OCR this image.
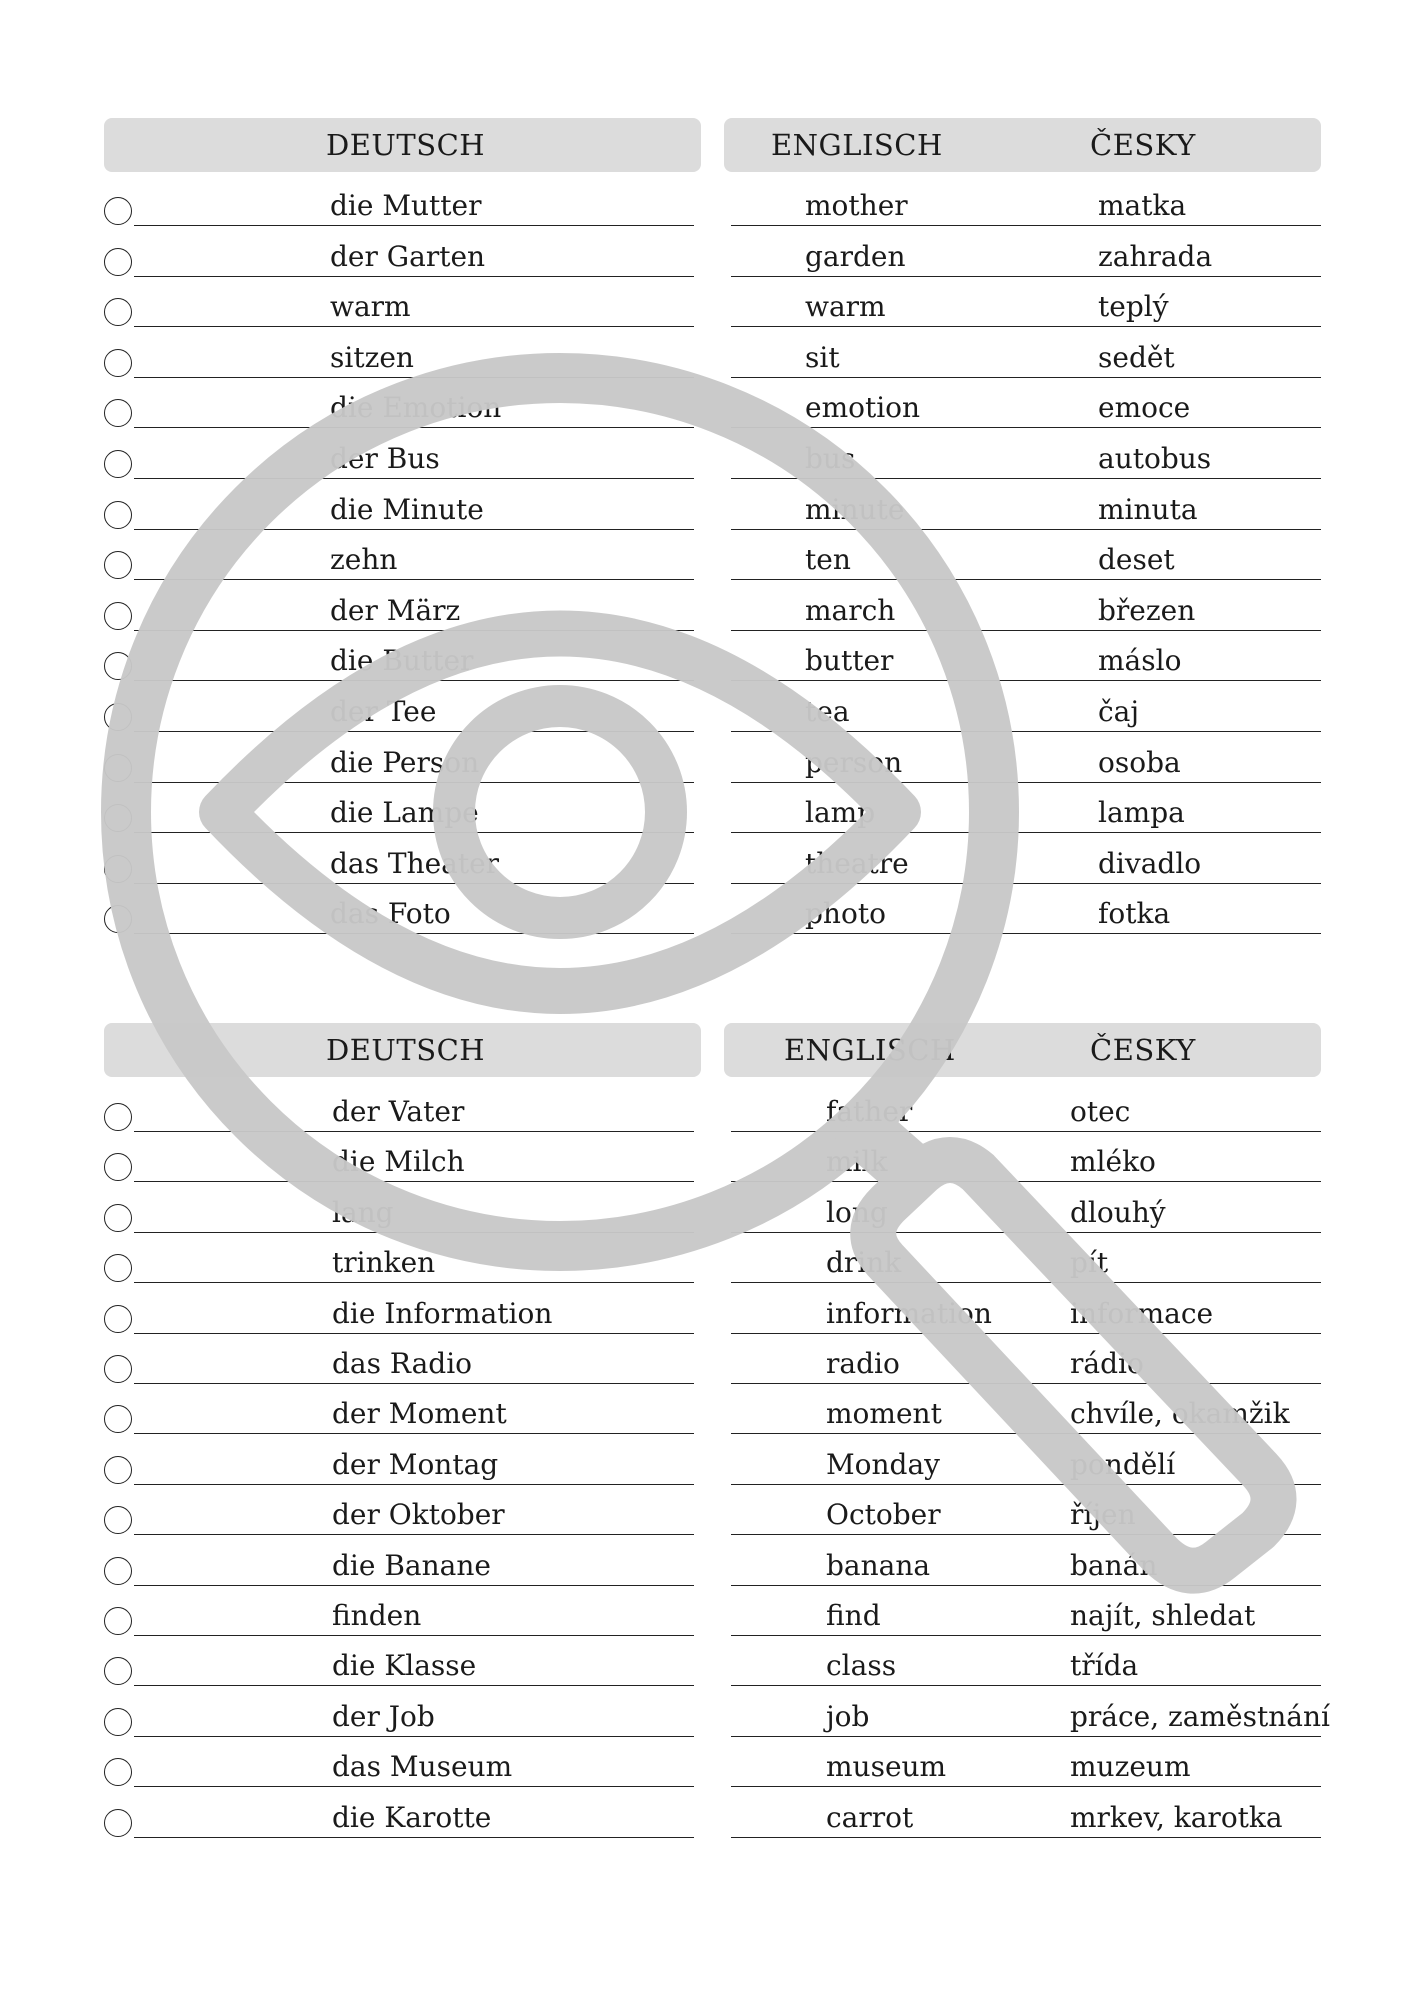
DEUTSCH	ENGLISCH	ČESKY
die Mutter	mother	matka
der Garten	garden	zahrada
warm	warm	teplý
sitzen	sit	sedět
die Emotion	emotion	emoce
der Bus	bus	autobus
die Minute	minute	minuta
zehn	ten	deset
der März	march	březen
die Butter	butter	máslo
der Tee	tea	čaj
die Person	person	osoba
die Lampe	lamp	lampa
das Theater	theatre	divadlo
das Foto	photo	fotka
DEUTSCH	ENGLISCH	ČESKY
der Vater	father	otec
die Milch	milk	mléko
lang	long	dlouhý
trinken	drink	pít
die Information	information	informace
das Radio	radio	rádio
der Moment	moment	chvíle, okamžik
der Montag	Monday	pondělí
der Oktober	October	říjen
die Banane	banana	banán
finden	find	najít, shledat
die Klasse	class	třída
der Job	job	práce, zaměstnání
das Museum	museum	muzeum
die Karotte	carrot	mrkev, karotka
